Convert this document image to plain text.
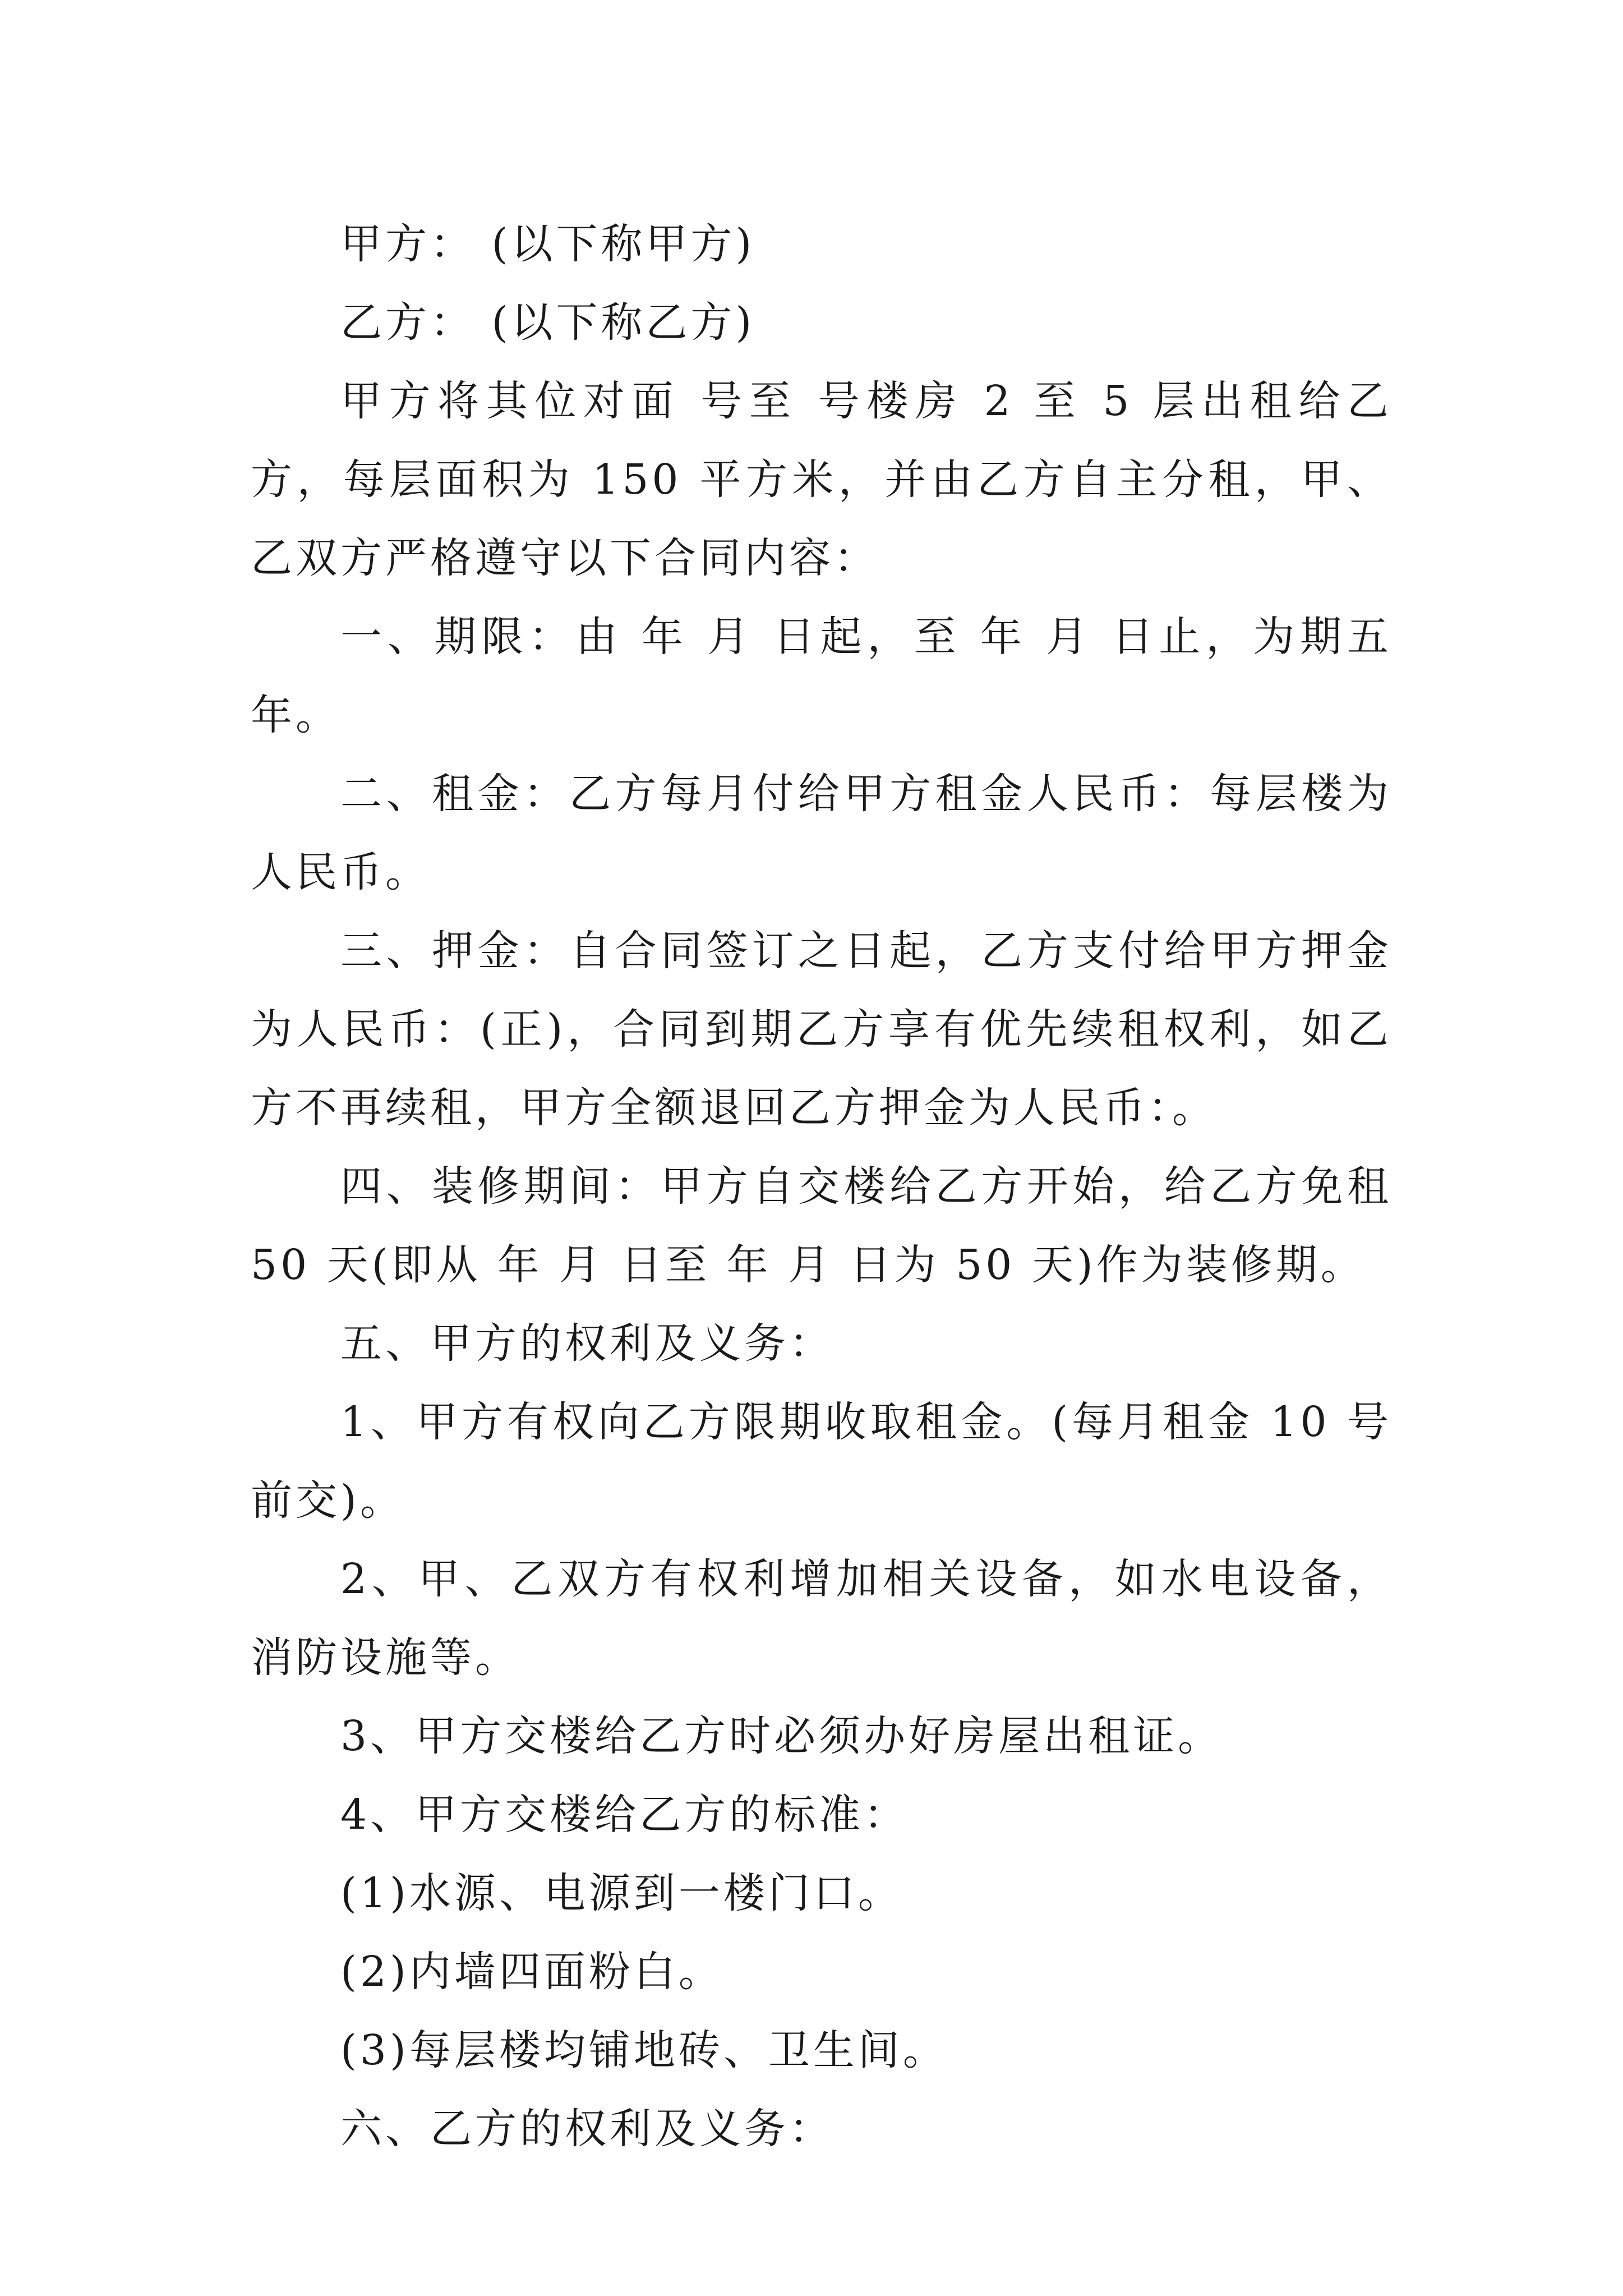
甲方： (以下称甲方)

乙方： (以下称乙方)

甲方将其位对面 号至 号楼房 2 至 5 层出租给乙方，每层面积为 150 平方米，并由乙方自主分租，甲、乙双方严格遵守以下合同内容：

一、期限：由 年 月 日起，至 年 月 日止，为期五年。

二、租金：乙方每月付给甲方租金人民币：每层楼为人民币。

三、押金：自合同签订之日起，乙方支付给甲方押金为人民币：(正)，合同到期乙方享有优先续租权利，如乙方不再续租，甲方全额退回乙方押金为人民币：。

四、装修期间：甲方自交楼给乙方开始，给乙方免租 50 天(即从 年 月 日至 年 月 日为 50 天)作为装修期。

五、甲方的权利及义务：

1、甲方有权向乙方限期收取租金。(每月租金 10 号前交)。

2、甲、乙双方有权利增加相关设备，如水电设备，消防设施等。

3、甲方交楼给乙方时必须办好房屋出租证。

4、甲方交楼给乙方的标准：

(1)水源、电源到一楼门口。

(2)内墙四面粉白。

(3)每层楼均铺地砖、卫生间。

六、乙方的权利及义务：
